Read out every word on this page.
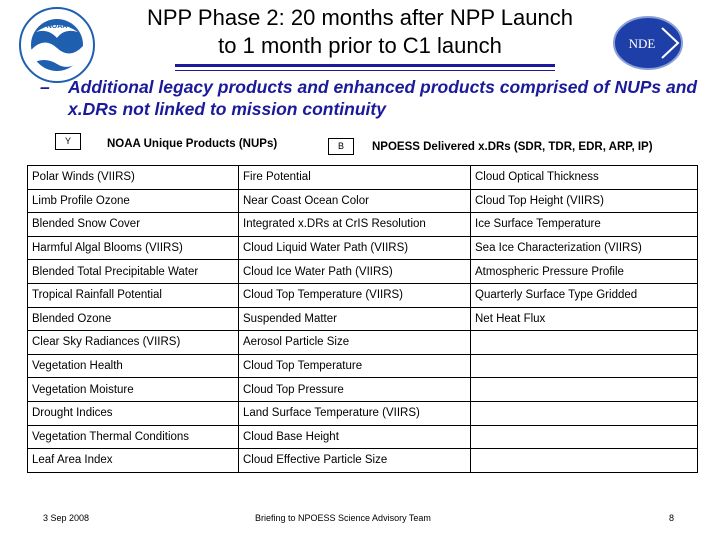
NOAA	NPP Phase 2: 20 months after NPP Launch
to 1 month prior to C1 launch	NDE
–	Additional legacy products and enhanced products comprised of NUPs and x.DRs not linked to mission continuity
Y	NOAA Unique Products (NUPs)	B	NPOESS Delivered x.DRs (SDR, TDR, EDR, ARP, IP)
Polar Winds (VIIRS)	Fire Potential	Cloud Optical Thickness
Limb Profile Ozone	Near Coast Ocean Color	Cloud Top Height (VIIRS)
Blended Snow Cover	Integrated x.DRs at CrIS Resolution	Ice Surface Temperature
Harmful Algal Blooms (VIIRS)	Cloud Liquid Water Path (VIIRS)	Sea Ice Characterization (VIIRS)
Blended Total Precipitable Water	Cloud Ice Water Path (VIIRS)	Atmospheric Pressure Profile
Tropical Rainfall Potential	Cloud Top Temperature (VIIRS)	Quarterly Surface Type Gridded
Blended Ozone	Suspended Matter	Net Heat Flux
Clear Sky Radiances (VIIRS)	Aerosol Particle Size	
Vegetation Health	Cloud Top Temperature	
Vegetation Moisture	Cloud Top Pressure	
Drought Indices	Land Surface Temperature (VIIRS)	
Vegetation Thermal Conditions	Cloud Base Height	
Leaf Area Index	Cloud Effective Particle Size	
3 Sep 2008	Briefing to NPOESS Science Advisory Team	8
